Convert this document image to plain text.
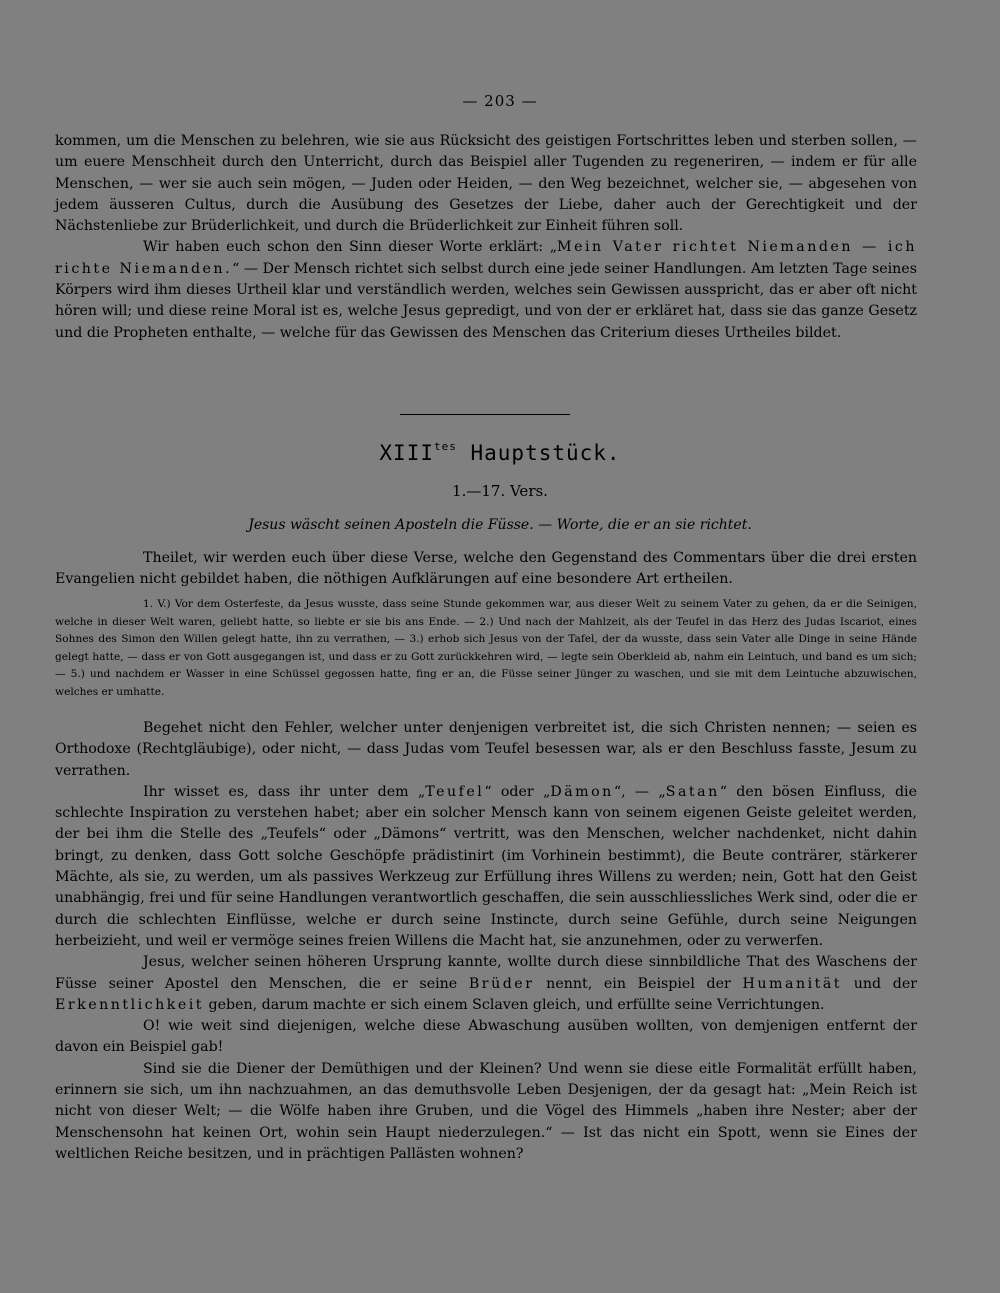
— 203 —

kommen, um die Menschen zu belehren, wie sie aus Rücksicht des geistigen Fortschrittes leben und sterben sollen, — um euere Menschheit durch den Unterricht, durch das Beispiel aller Tugenden zu regeneriren, — indem er für alle Menschen, — wer sie auch sein mögen, — Juden oder Heiden, — den Weg bezeichnet, welcher sie, — abgesehen von jedem äusseren Cultus, durch die Ausübung des Gesetzes der Liebe, daher auch der Gerechtigkeit und der Nächstenliebe zur Brüderlichkeit, und durch die Brüderlichkeit zur Einheit führen soll.

Wir haben euch schon den Sinn dieser Worte erklärt: „Mein Vater richtet Niemanden — ich richte Niemanden.“ — Der Mensch richtet sich selbst durch eine jede seiner Handlungen. Am letzten Tage seines Körpers wird ihm dieses Urtheil klar und verständlich werden, welches sein Gewissen ausspricht, das er aber oft nicht hören will; und diese reine Moral ist es, welche Jesus gepredigt, und von der er erkläret hat, dass sie das ganze Gesetz und die Propheten enthalte, — welche für das Gewissen des Menschen das Criterium dieses Urtheiles bildet.

$XIII^{tes}$ Hauptstück.
1.—17. Vers.
Jesus wäscht seinen Aposteln die Füsse. — Worte, die er an sie richtet.

Theilet, wir werden euch über diese Verse, welche den Gegenstand des Commentars über die drei ersten Evangelien nicht gebildet haben, die nöthigen Aufklärungen auf eine besondere Art ertheilen.

1. V.) Vor dem Osterfeste, da Jesus wusste, dass seine Stunde gekommen war, aus dieser Welt zu seinem Vater zu gehen, da er die Seinigen, welche in dieser Welt waren, geliebt hatte, so liebte er sie bis ans Ende. — 2.) Und nach der Mahlzeit, als der Teufel in das Herz des Judas Iscariot, eines Sohnes des Simon den Willen gelegt hatte, ihn zu verrathen, — 3.) erhob sich Jesus von der Tafel, der da wusste, dass sein Vater alle Dinge in seine Hände gelegt hatte, — dass er von Gott ausgegangen ist, und dass er zu Gott zurückkehren wird, — legte sein Oberkleid ab, nahm ein Leintuch, und band es um sich; — 5.) und nachdem er Wasser in eine Schüssel gegossen hatte, fing er an, die Füsse seiner Jünger zu waschen, und sie mit dem Leintuche abzuwischen, welches er umhatte.

Begehet nicht den Fehler, welcher unter denjenigen verbreitet ist, die sich Christen nennen; — seien es Orthodoxe (Rechtgläubige), oder nicht, — dass Judas vom Teufel besessen war, als er den Beschluss fasste, Jesum zu verrathen.

Ihr wisset es, dass ihr unter dem „Teufel“ oder „Dämon“, — „Satan“ den bösen Einfluss, die schlechte Inspiration zu verstehen habet; aber ein solcher Mensch kann von seinem eigenen Geiste geleitet werden, der bei ihm die Stelle des „Teufels“ oder „Dämons“ vertritt, was den Menschen, welcher nachdenket, nicht dahin bringt, zu denken, dass Gott solche Geschöpfe prädistinirt (im Vorhinein bestimmt), die Beute conträrer, stärkerer Mächte, als sie, zu werden, um als passives Werkzeug zur Erfüllung ihres Willens zu werden; nein, Gott hat den Geist unabhängig, frei und für seine Handlungen verantwortlich geschaffen, die sein ausschliessliches Werk sind, oder die er durch die schlechten Einflüsse, welche er durch seine Instincte, durch seine Gefühle, durch seine Neigungen herbeizieht, und weil er vermöge seines freien Willens die Macht hat, sie anzunehmen, oder zu verwerfen.

Jesus, welcher seinen höheren Ursprung kannte, wollte durch diese sinnbildliche That des Waschens der Füsse seiner Apostel den Menschen, die er seine Brüder nennt, ein Beispiel der Humanität und der Erkenntlichkeit geben, darum machte er sich einem Sclaven gleich, und erfüllte seine Verrichtungen.

O! wie weit sind diejenigen, welche diese Abwaschung ausüben wollten, von demjenigen entfernt der davon ein Beispiel gab!

Sind sie die Diener der Demüthigen und der Kleinen? Und wenn sie diese eitle Formalität erfüllt haben, erinnern sie sich, um ihn nachzuahmen, an das demuthsvolle Leben Desjenigen, der da gesagt hat: „Mein Reich ist nicht von dieser Welt; — die Wölfe haben ihre Gruben, und die Vögel des Himmels „haben ihre Nester; aber der Menschensohn hat keinen Ort, wohin sein Haupt niederzulegen.“ — Ist das nicht ein Spott, wenn sie Eines der weltlichen Reiche besitzen, und in prächtigen Pallästen wohnen?
